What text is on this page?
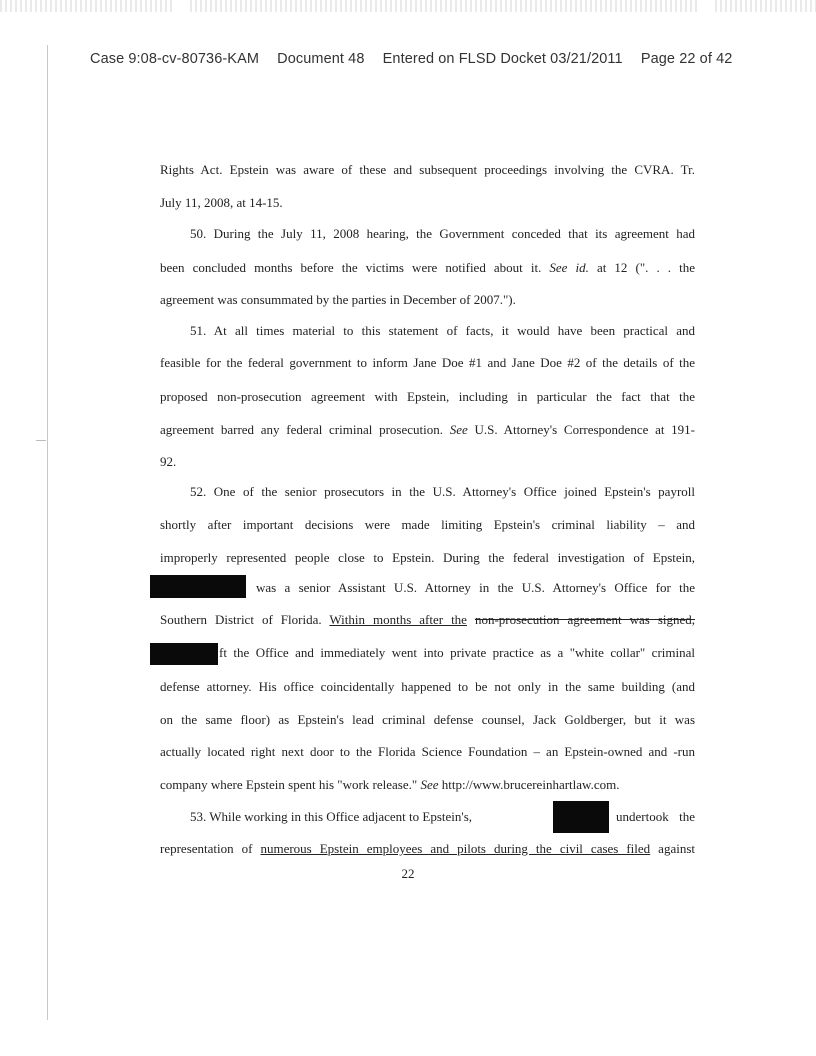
Case 9:08-cv-80736-KAM Document 48 Entered on FLSD Docket 03/21/2011 Page 22 of 42
Rights Act. Epstein was aware of these and subsequent proceedings involving the CVRA. Tr.
July 11, 2008, at 14-15.
50. During the July 11, 2008 hearing, the Government conceded that its agreement had
been concluded months before the victims were notified about it. See id. at 12 (". . . the
agreement was consummated by the parties in December of 2007.").
51. At all times material to this statement of facts, it would have been practical and
feasible for the federal government to inform Jane Doe #1 and Jane Doe #2 of the details of the
proposed non-prosecution agreement with Epstein, including in particular the fact that the
agreement barred any federal criminal prosecution. See U.S. Attorney's Correspondence at 191-
92.
52. One of the senior prosecutors in the U.S. Attorney's Office joined Epstein's payroll
shortly after important decisions were made limiting Epstein's criminal liability – and
improperly represented people close to Epstein. During the federal investigation of Epstein,
was a senior Assistant U.S. Attorney in the U.S. Attorney's Office for the
Southern District of Florida. Within months after the non-prosecution agreement was signed,
ft the Office and immediately went into private practice as a "white collar" criminal
defense attorney. His office coincidentally happened to be not only in the same building (and
on the same floor) as Epstein's lead criminal defense counsel, Jack Goldberger, but it was
actually located right next door to the Florida Science Foundation – an Epstein-owned and -run
company where Epstein spent his "work release." See http://www.brucereinhartlaw.com.
53. While working in this Office adjacent to Epstein's,	undertook the
representation of numerous Epstein employees and pilots during the civil cases filed against
22
